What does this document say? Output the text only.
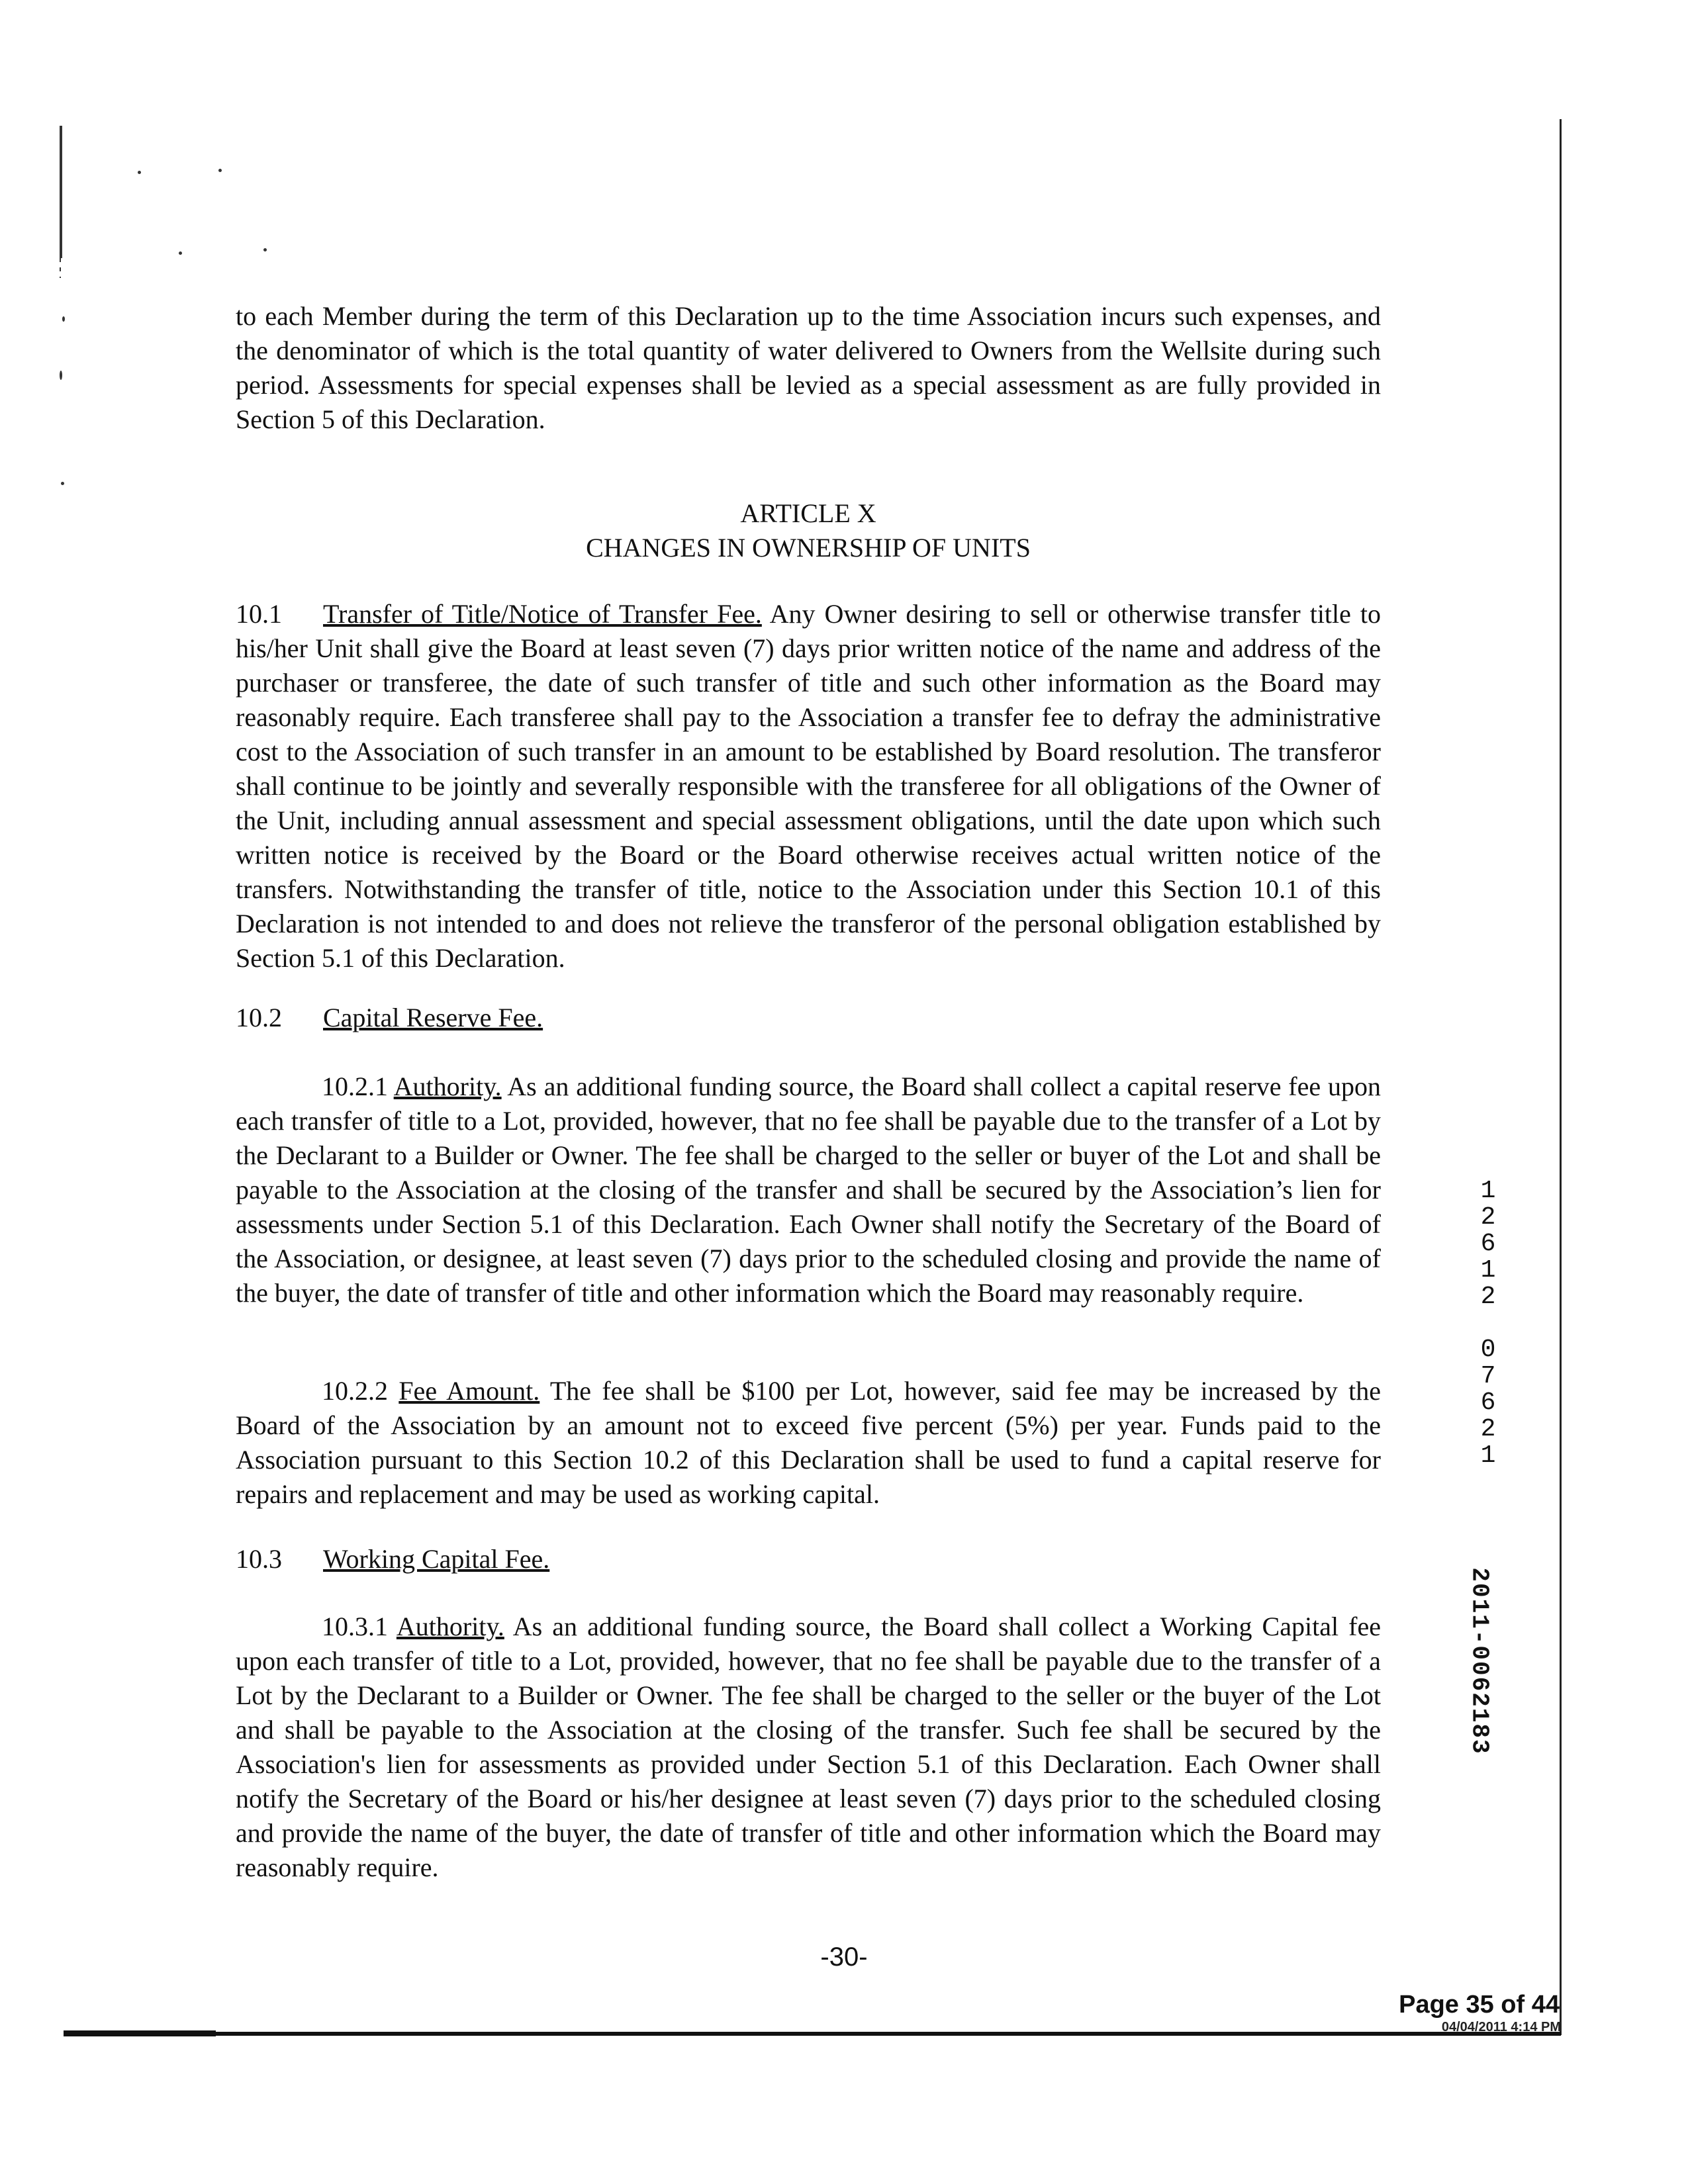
to each Member during the term of this Declaration up to the time Association incurs such expenses, and the denominator of which is the total quantity of water delivered to Owners from the Wellsite during such period. Assessments for special expenses shall be levied as a special assessment as are fully provided in Section 5 of this Declaration.

ARTICLE X

CHANGES IN OWNERSHIP OF UNITS

10.1 Transfer of Title/Notice of Transfer Fee. Any Owner desiring to sell or otherwise transfer title to his/her Unit shall give the Board at least seven (7) days prior written notice of the name and address of the purchaser or transferee, the date of such transfer of title and such other information as the Board may reasonably require. Each transferee shall pay to the Association a transfer fee to defray the administrative cost to the Association of such transfer in an amount to be established by Board resolution. The transferor shall continue to be jointly and severally responsible with the transferee for all obligations of the Owner of the Unit, including annual assessment and special assessment obligations, until the date upon which such written notice is received by the Board or the Board otherwise receives actual written notice of the transfers. Notwithstanding the transfer of title, notice to the Association under this Section 10.1 of this Declaration is not intended to and does not relieve the transferor of the personal obligation established by Section 5.1 of this Declaration.

10.2 Capital Reserve Fee.

10.2.1 Authority. As an additional funding source, the Board shall collect a capital reserve fee upon each transfer of title to a Lot, provided, however, that no fee shall be payable due to the transfer of a Lot by the Declarant to a Builder or Owner. The fee shall be charged to the seller or buyer of the Lot and shall be payable to the Association at the closing of the transfer and shall be secured by the Association’s lien for assessments under Section 5.1 of this Declaration. Each Owner shall notify the Secretary of the Board of the Association, or designee, at least seven (7) days prior to the scheduled closing and provide the name of the buyer, the date of transfer of title and other information which the Board may reasonably require.

10.2.2 Fee Amount. The fee shall be $100 per Lot, however, said fee may be increased by the Board of the Association by an amount not to exceed five percent (5%) per year. Funds paid to the Association pursuant to this Section 10.2 of this Declaration shall be used to fund a capital reserve for repairs and replacement and may be used as working capital.

10.3 Working Capital Fee.

10.3.1 Authority. As an additional funding source, the Board shall collect a Working Capital fee upon each transfer of title to a Lot, provided, however, that no fee shall be payable due to the transfer of a Lot by the Declarant to a Builder or Owner. The fee shall be charged to the seller or the buyer of the Lot and shall be payable to the Association at the closing of the transfer. Such fee shall be secured by the Association's lien for assessments as provided under Section 5.1 of this Declaration. Each Owner shall notify the Secretary of the Board or his/her designee at least seven (7) days prior to the scheduled closing and provide the name of the buyer, the date of transfer of title and other information which the Board may reasonably require.

1
2
6
1
2
0
7
6
2
1
2011-0062183

-30-

Page 35 of 44

04/04/2011 4:14 PM
